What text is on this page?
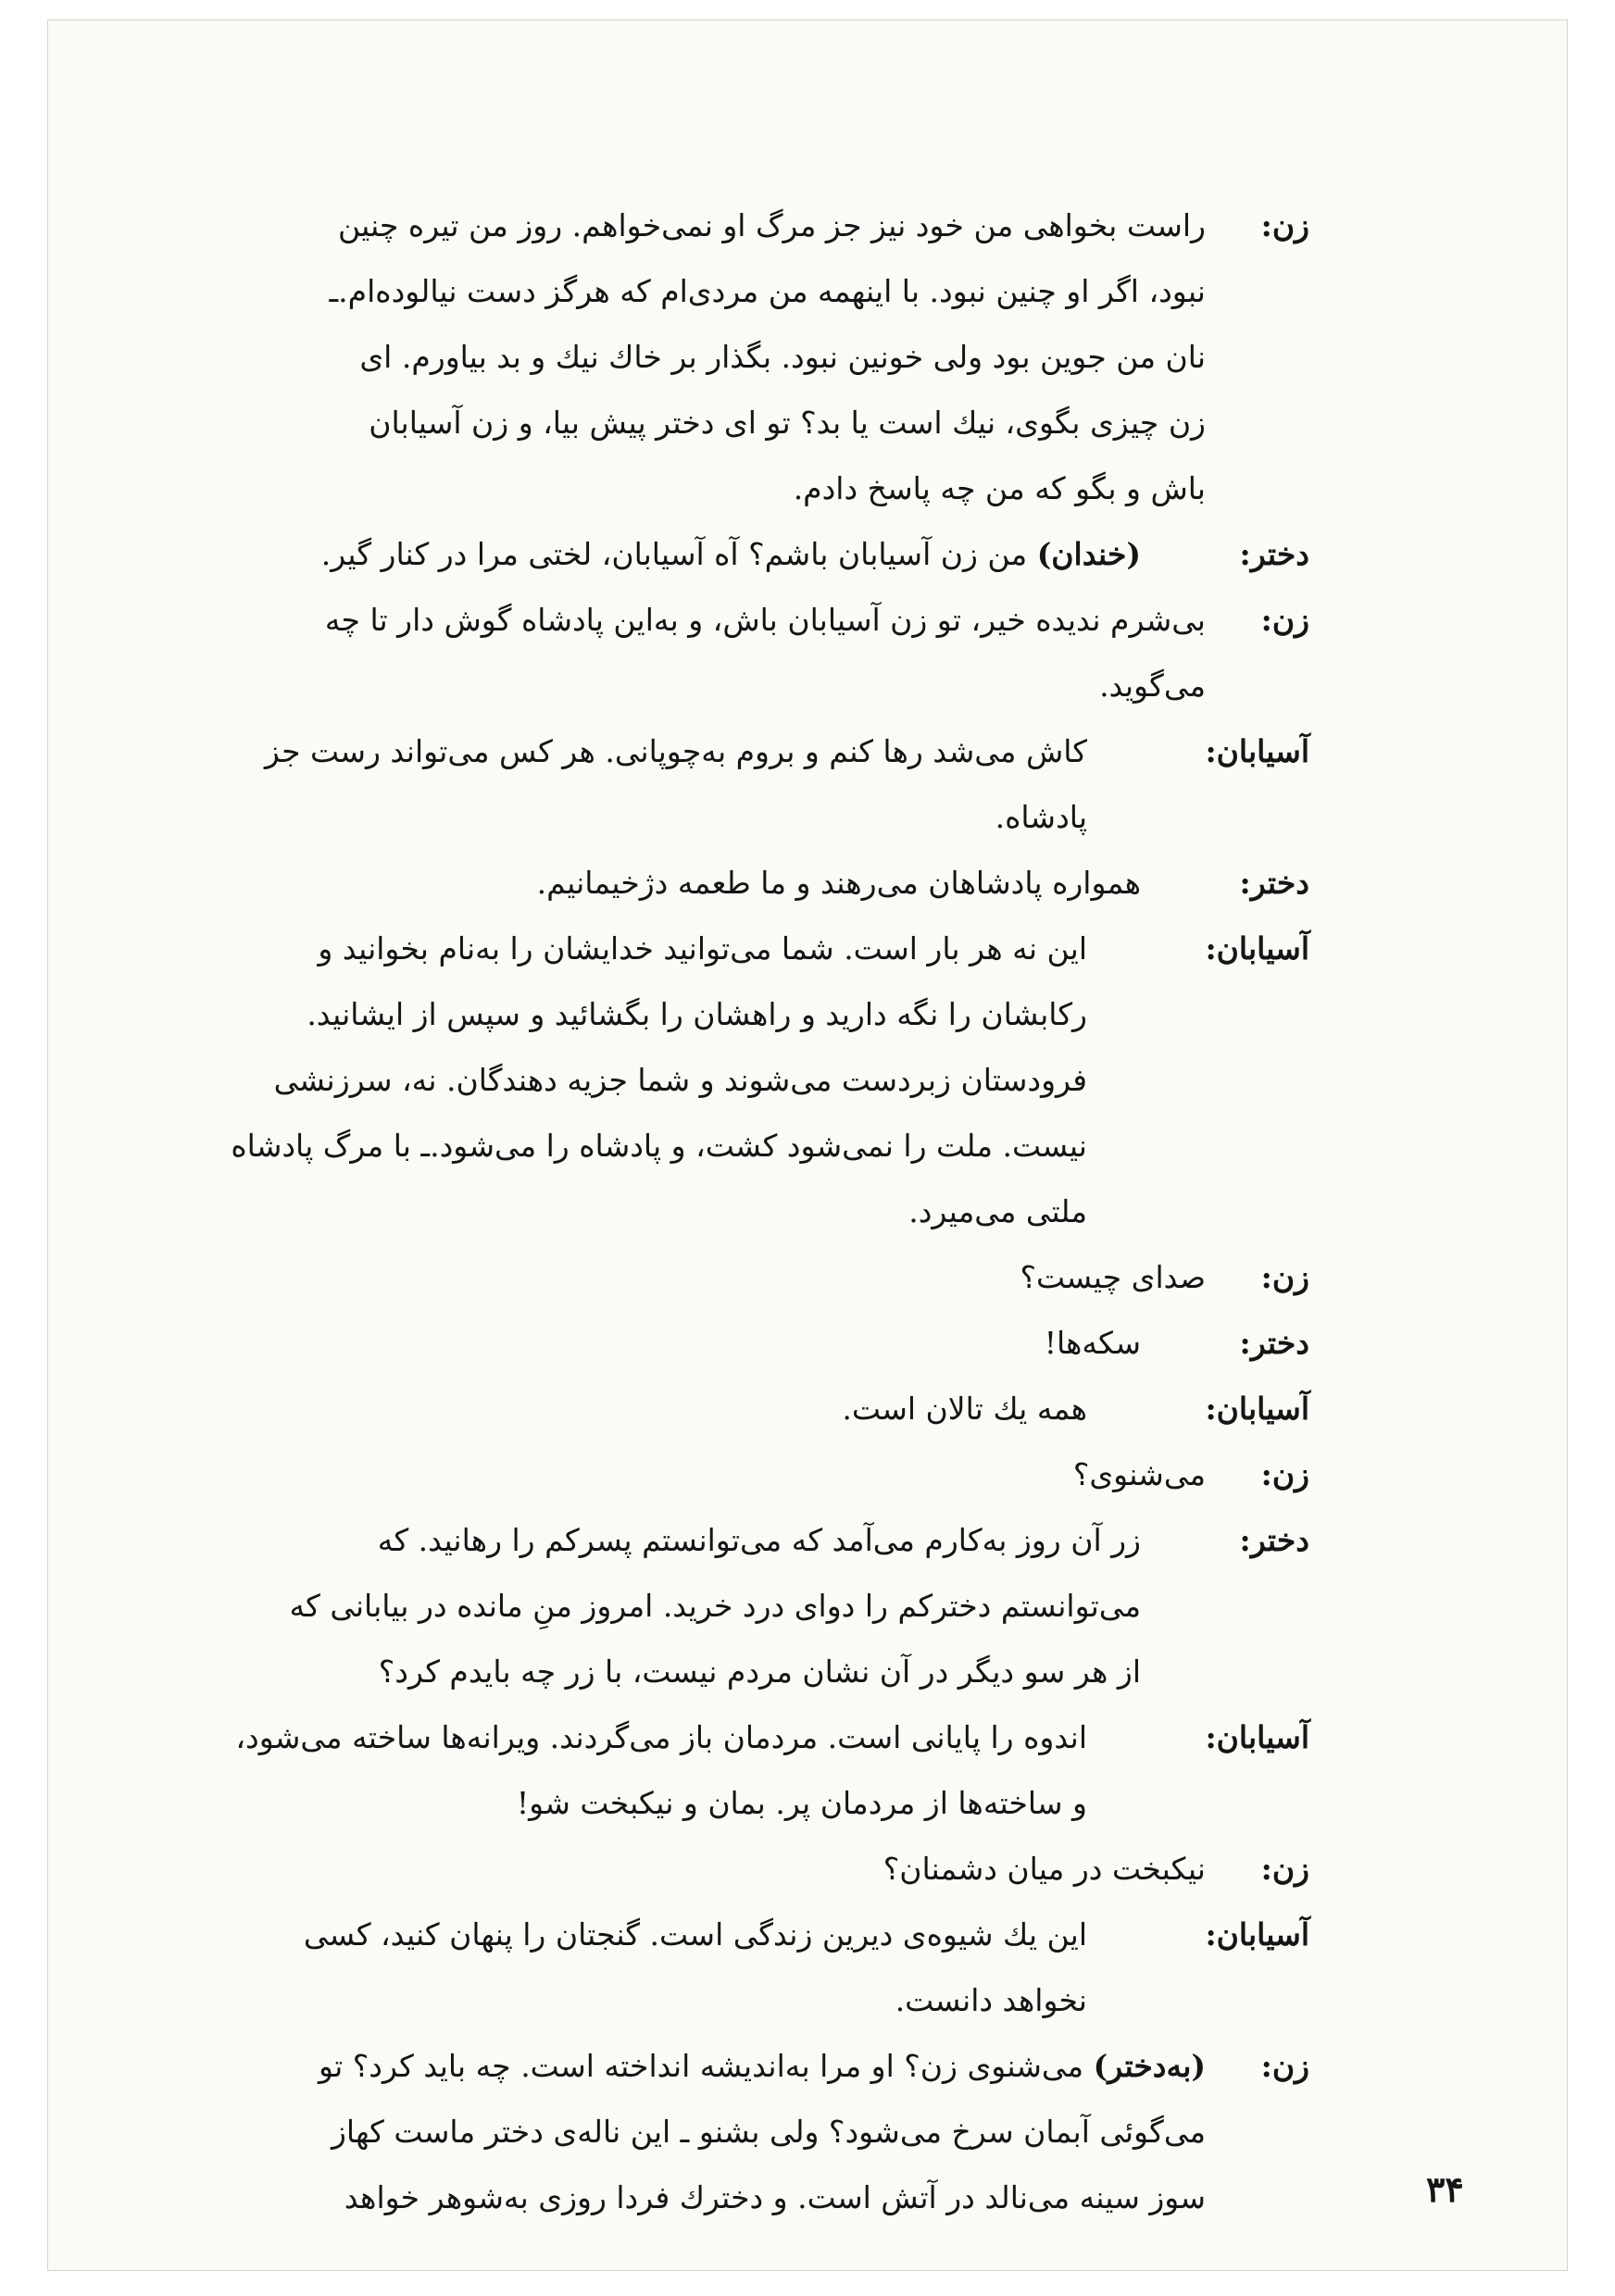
زن:
راست بخواهی من خود نیز جز مرگ او نمی‌خواهم. روز من تیره چنین
نبود، اگر او چنین نبود. با اینهمه من مردی‌ام که هرگز دست نیالوده‌ام.ـ
نان من جوین بود ولی خونین نبود. بگذار بر خاك نیك و بد بیاورم. ای
زن چیزی بگوی، نیك است یا بد؟ تو ای دختر پیش بیا، و زن آسیابان
باش و بگو که من چه پاسخ دادم.
دختر:
(خندان) من زن آسیابان باشم؟ آه آسیابان، لختی مرا در کنار گیر.
زن:
بی‌شرم ندیده خیر، تو زن آسیابان باش، و به‌این پادشاه گوش دار تا چه
می‌گوید.
آسیابان:
کاش می‌شد رها کنم و بروم به‌چوپانی. هر کس می‌تواند رست جز
پادشاه.
دختر:
همواره پادشاهان می‌رهند و ما طعمه دژخیمانیم.
آسیابان:
این نه هر بار است. شما می‌توانید خدایشان را به‌نام بخوانید و
رکابشان را نگه دارید و راهشان را بگشائید و سپس از ایشانید.
فرودستان زبردست می‌شوند و شما جزیه دهندگان. نه، سرزنشی
نیست. ملت را نمی‌شود کشت، و پادشاه را می‌شود.ـ با مرگ پادشاه
ملتی می‌میرد.
زن:
صدای چیست؟
دختر:
سکه‌ها!
آسیابان:
همه یك تالان است.
زن:
می‌شنوی؟
دختر:
زر آن روز به‌کارم می‌آمد که می‌توانستم پسرکم را رهانید. که
می‌توانستم دخترکم را دوای درد خرید. امروز منِ مانده در بیابانی که
از هر سو دیگر در آن نشان مردم نیست، با زر چه بایدم کرد؟
آسیابان:
اندوه را پایانی است. مردمان باز می‌گردند. ویرانه‌ها ساخته می‌شود،
و ساخته‌ها از مردمان پر. بمان و نیکبخت شو!
زن:
نیکبخت در میان دشمنان؟
آسیابان:
این یك شیوه‌ی دیرین زندگی است. گنجتان را پنهان کنید، کسی
نخواهد دانست.
زن:
(به‌دختر) می‌شنوی زن؟ او مرا به‌اندیشه انداخته است. چه باید کرد؟ تو
می‌گوئی آبمان سرخ می‌شود؟ ولی بشنو ـ این ناله‌ی دختر ماست کهاز
سوز سینه می‌نالد در آتش است. و دخترك فردا روزی به‌شوهر خواهد	۳۴
